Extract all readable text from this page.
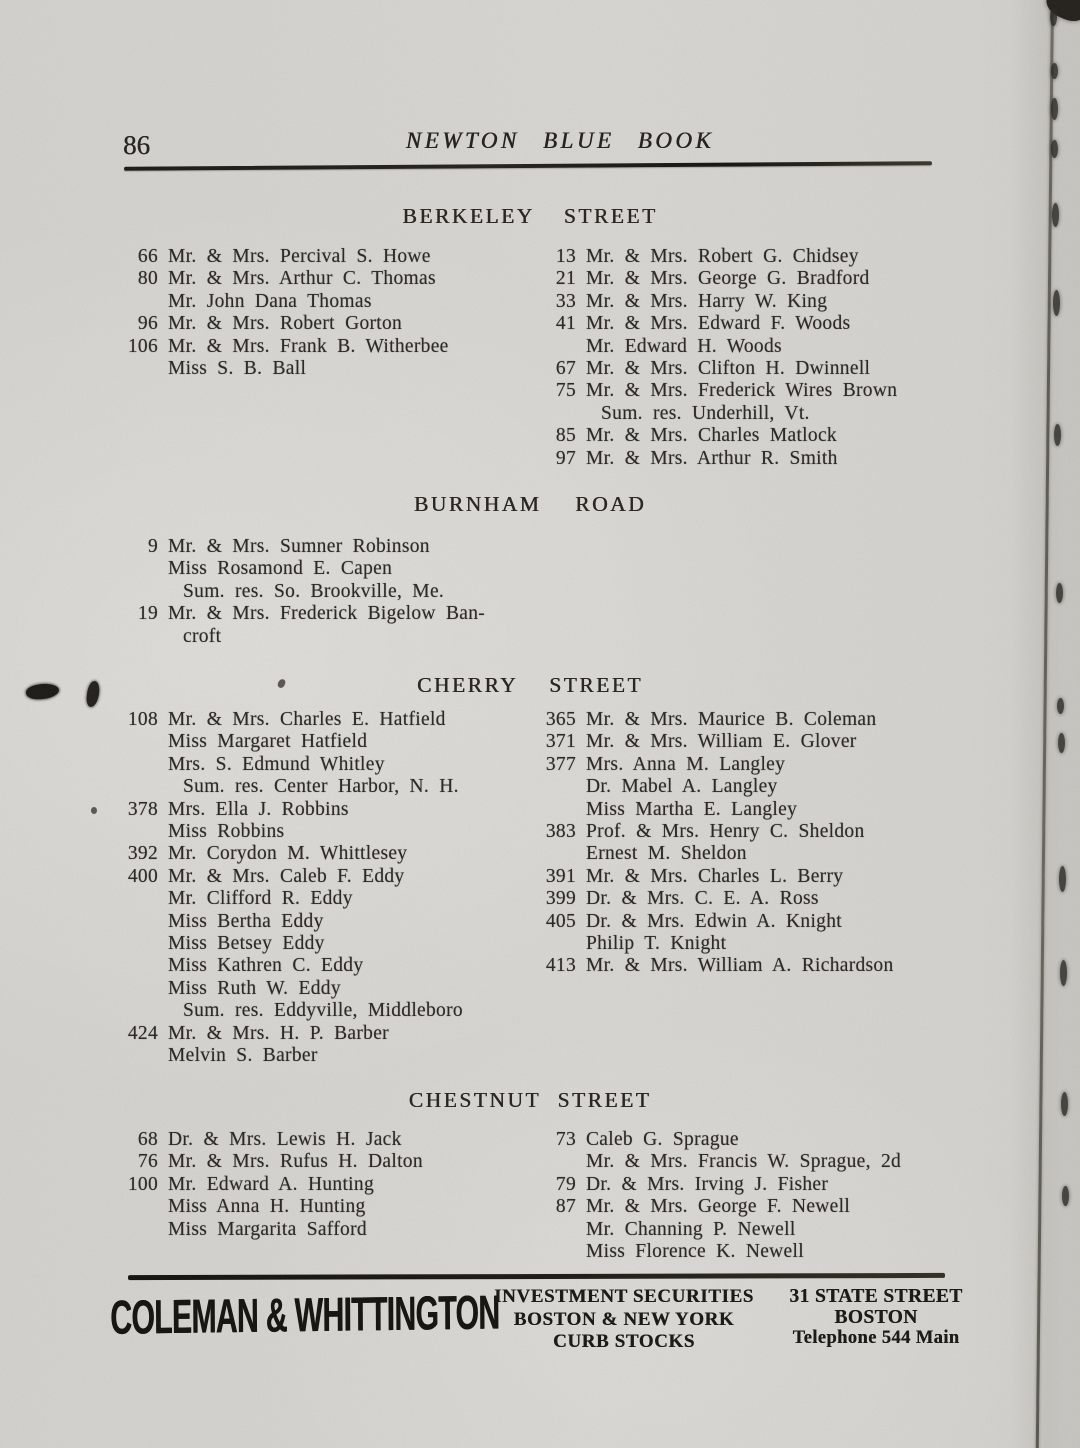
86	NEWTON BLUE BOOK
BERKELEY STREET
66 Mr. & Mrs. Percival S. Howe
80 Mr. & Mrs. Arthur C. Thomas
Mr. John Dana Thomas
96 Mr. & Mrs. Robert Gorton
106 Mr. & Mrs. Frank B. Witherbee
Miss S. B. Ball
13 Mr. & Mrs. Robert G. Chidsey
21 Mr. & Mrs. George G. Bradford
33 Mr. & Mrs. Harry W. King
41 Mr. & Mrs. Edward F. Woods
Mr. Edward H. Woods
67 Mr. & Mrs. Clifton H. Dwinnell
75 Mr. & Mrs. Frederick Wires Brown
Sum. res. Underhill, Vt.
85 Mr. & Mrs. Charles Matlock
97 Mr. & Mrs. Arthur R. Smith
BURNHAM ROAD
9 Mr. & Mrs. Sumner Robinson
Miss Rosamond E. Capen
Sum. res. So. Brookville, Me.
19 Mr. & Mrs. Frederick Bigelow Ban-
croft
CHERRY STREET
108 Mr. & Mrs. Charles E. Hatfield
Miss Margaret Hatfield
Mrs. S. Edmund Whitley
Sum. res. Center Harbor, N. H.
378 Mrs. Ella J. Robbins
Miss Robbins
392 Mr. Corydon M. Whittlesey
400 Mr. & Mrs. Caleb F. Eddy
Mr. Clifford R. Eddy
Miss Bertha Eddy
Miss Betsey Eddy
Miss Kathren C. Eddy
Miss Ruth W. Eddy
Sum. res. Eddyville, Middleboro
424 Mr. & Mrs. H. P. Barber
Melvin S. Barber
365 Mr. & Mrs. Maurice B. Coleman
371 Mr. & Mrs. William E. Glover
377 Mrs. Anna M. Langley
Dr. Mabel A. Langley
Miss Martha E. Langley
383 Prof. & Mrs. Henry C. Sheldon
Ernest M. Sheldon
391 Mr. & Mrs. Charles L. Berry
399 Dr. & Mrs. C. E. A. Ross
405 Dr. & Mrs. Edwin A. Knight
Philip T. Knight
413 Mr. & Mrs. William A. Richardson
CHESTNUT STREET
68 Dr. & Mrs. Lewis H. Jack
76 Mr. & Mrs. Rufus H. Dalton
100 Mr. Edward A. Hunting
Miss Anna H. Hunting
Miss Margarita Safford
73 Caleb G. Sprague
Mr. & Mrs. Francis W. Sprague, 2d
79 Dr. & Mrs. Irving J. Fisher
87 Mr. & Mrs. George F. Newell
Mr. Channing P. Newell
Miss Florence K. Newell
COLEMAN & WHITTINGTON
INVESTMENT SECURITIES
BOSTON & NEW YORK
CURB STOCKS
31 STATE STREET
BOSTON
Telephone 544 Main
